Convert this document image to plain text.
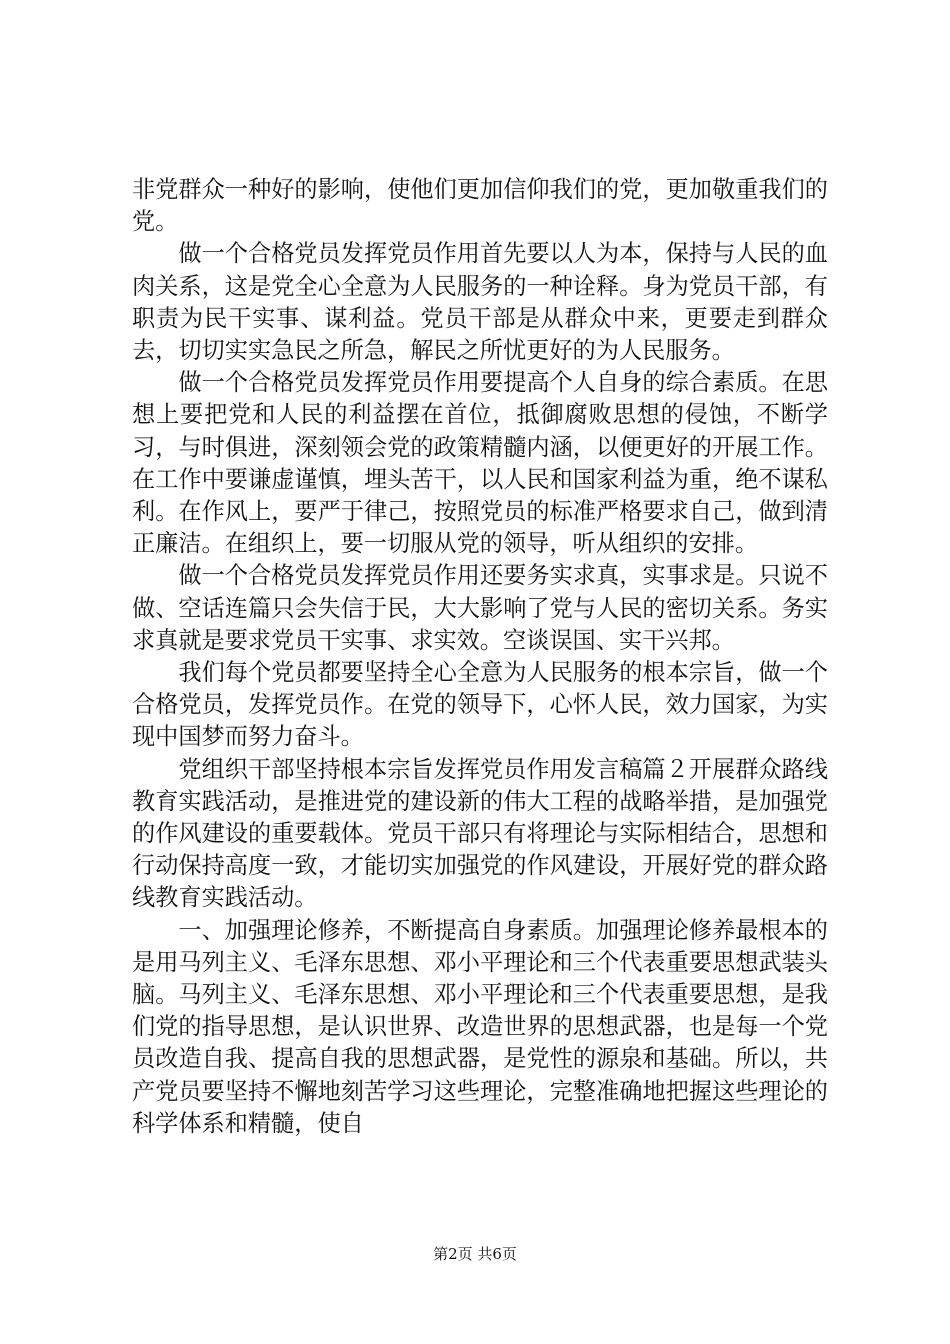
非党群众一种好的影响，使他们更加信仰我们的党，更加敬重我们的党。

做一个合格党员发挥党员作用首先要以人为本，保持与人民的血肉关系，这是党全心全意为人民服务的一种诠释。身为党员干部，有职责为民干实事、谋利益。党员干部是从群众中来，更要走到群众去，切切实实急民之所急，解民之所忧更好的为人民服务。

做一个合格党员发挥党员作用要提高个人自身的综合素质。在思想上要把党和人民的利益摆在首位，抵御腐败思想的侵蚀，不断学习，与时俱进，深刻领会党的政策精髓内涵，以便更好的开展工作。在工作中要谦虚谨慎，埋头苦干，以人民和国家利益为重，绝不谋私利。在作风上，要严于律己，按照党员的标准严格要求自己，做到清正廉洁。在组织上，要一切服从党的领导，听从组织的安排。

做一个合格党员发挥党员作用还要务实求真，实事求是。只说不做、空话连篇只会失信于民，大大影响了党与人民的密切关系。务实求真就是要求党员干实事、求实效。空谈误国、实干兴邦。

我们每个党员都要坚持全心全意为人民服务的根本宗旨，做一个合格党员，发挥党员作。在党的领导下，心怀人民，效力国家，为实现中国梦而努力奋斗。

党组织干部坚持根本宗旨发挥党员作用发言稿篇２开展群众路线教育实践活动，是推进党的建设新的伟大工程的战略举措，是加强党的作风建设的重要载体。党员干部只有将理论与实际相结合，思想和行动保持高度一致，才能切实加强党的作风建设，开展好党的群众路线教育实践活动。

一、加强理论修养，不断提高自身素质。加强理论修养最根本的是用马列主义、毛泽东思想、邓小平理论和三个代表重要思想武装头脑。马列主义、毛泽东思想、邓小平理论和三个代表重要思想，是我们党的指导思想，是认识世界、改造世界的思想武器，也是每一个党员改造自我、提高自我的思想武器，是党性的源泉和基础。所以，共产党员要坚持不懈地刻苦学习这些理论，完整准确地把握这些理论的科学体系和精髓，使自

第2页 共6页
